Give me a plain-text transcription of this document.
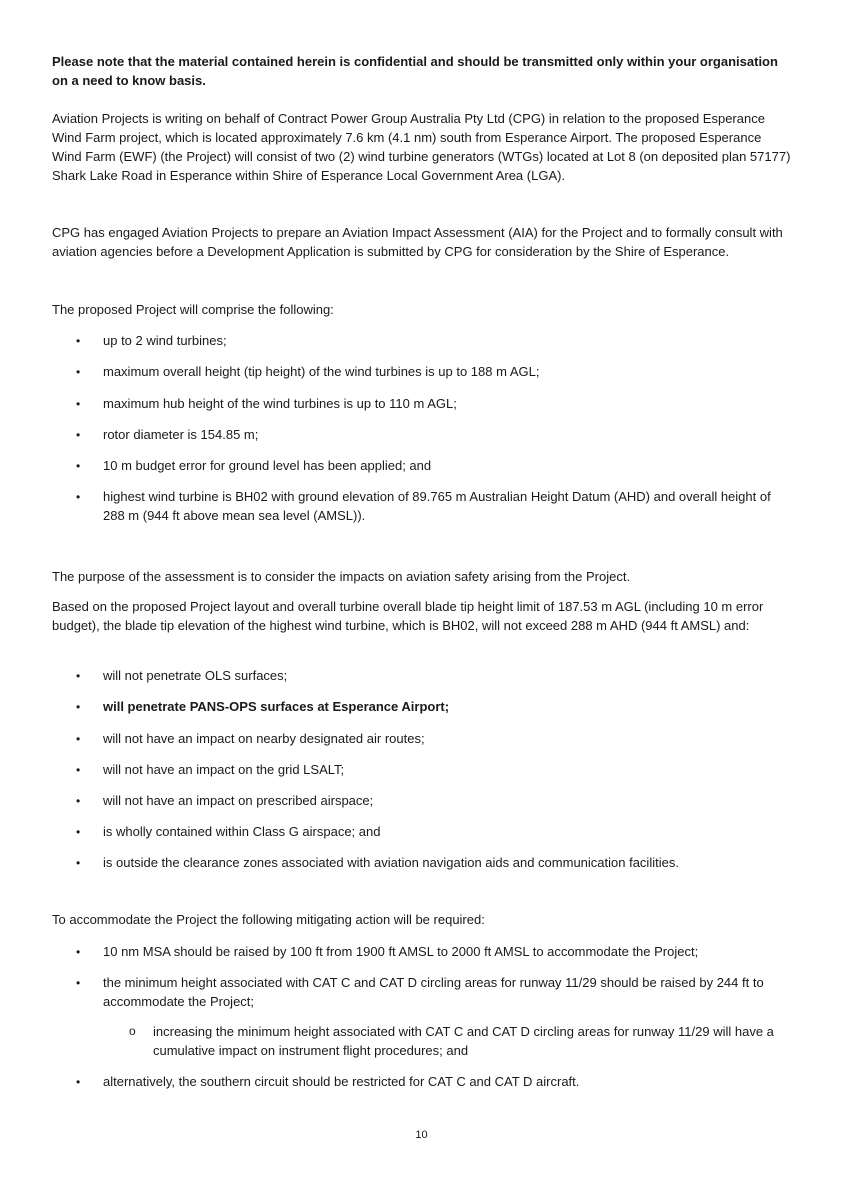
Please note that the material contained herein is confidential and should be transmitted only within your organisation on a need to know basis.

Aviation Projects is writing on behalf of Contract Power Group Australia Pty Ltd (CPG) in relation to the proposed Esperance Wind Farm project, which is located approximately 7.6 km (4.1 nm) south from Esperance Airport. The proposed Esperance Wind Farm (EWF) (the Project) will consist of two (2) wind turbine generators (WTGs) located at Lot 8 (on deposited plan 57177) Shark Lake Road in Esperance within Shire of Esperance Local Government Area (LGA).

CPG has engaged Aviation Projects to prepare an Aviation Impact Assessment (AIA) for the Project and to formally consult with aviation agencies before a Development Application is submitted by CPG for consideration by the Shire of Esperance.

The proposed Project will comprise the following:

• up to 2 wind turbines;
• maximum overall height (tip height) of the wind turbines is up to 188 m AGL;
• maximum hub height of the wind turbines is up to 110 m AGL;
• rotor diameter is 154.85 m;
• 10 m budget error for ground level has been applied; and
• highest wind turbine is BH02 with ground elevation of 89.765 m Australian Height Datum (AHD) and overall height of 288 m (944 ft above mean sea level (AMSL)).

The purpose of the assessment is to consider the impacts on aviation safety arising from the Project.

Based on the proposed Project layout and overall turbine overall blade tip height limit of 187.53 m AGL (including 10 m error budget), the blade tip elevation of the highest wind turbine, which is BH02, will not exceed 288 m AHD (944 ft AMSL) and:

• will not penetrate OLS surfaces;
• will penetrate PANS-OPS surfaces at Esperance Airport;
• will not have an impact on nearby designated air routes;
• will not have an impact on the grid LSALT;
• will not have an impact on prescribed airspace;
• is wholly contained within Class G airspace; and
• is outside the clearance zones associated with aviation navigation aids and communication facilities.

To accommodate the Project the following mitigating action will be required:

• 10 nm MSA should be raised by 100 ft from 1900 ft AMSL to 2000 ft AMSL to accommodate the Project;
• the minimum height associated with CAT C and CAT D circling areas for runway 11/29 should be raised by 244 ft to accommodate the Project;
o increasing the minimum height associated with CAT C and CAT D circling areas for runway 11/29 will have a cumulative impact on instrument flight procedures; and
• alternatively, the southern circuit should be restricted for CAT C and CAT D aircraft.
10
